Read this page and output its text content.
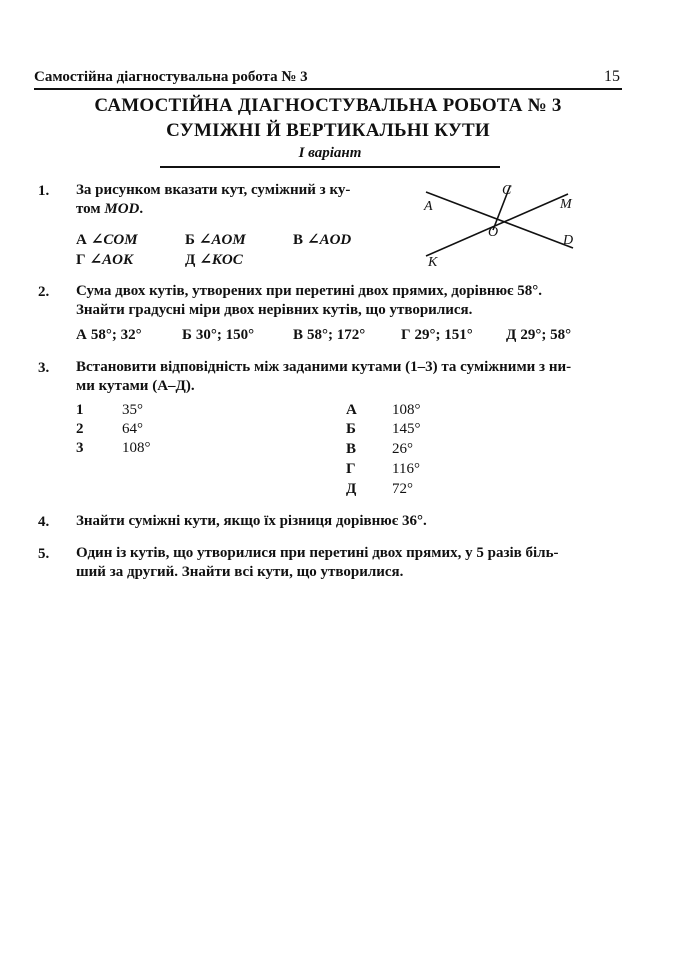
Самостійна діагностувальна робота № 3	15
САМОСТІЙНА ДІАГНОСТУВАЛЬНА РОБОТА № 3
СУМІЖНІ Й ВЕРТИКАЛЬНІ КУТИ
І варіант
1. За рисунком вказати кут, суміжний з ку-
том MOD.
А ∠COM	Б ∠AOM	В ∠AOD
Г ∠AOK	Д ∠KOC
A
C
M
O
D
K
2. Сума двох кутів, утворених при перетині двох прямих, дорівнює 58°.
Знайти градусні міри двох нерівних кутів, що утворилися.
А 58°; 32°	Б 30°; 150°	В 58°; 172° Г 29°; 151° Д 29°; 58°
3. Встановити відповідність між заданими кутами (1–3) та суміжними з ни-
ми кутами (А–Д).
1	35°
2	64°
3	108°
А 108°
Б 145°
В 26°
Г 116°
Д 72°
4. Знайти суміжні кути, якщо їх різниця дорівнює 36°.
5. Один із кутів, що утворилися при перетині двох прямих, у 5 разів біль-
ший за другий. Знайти всі кути, що утворилися.
